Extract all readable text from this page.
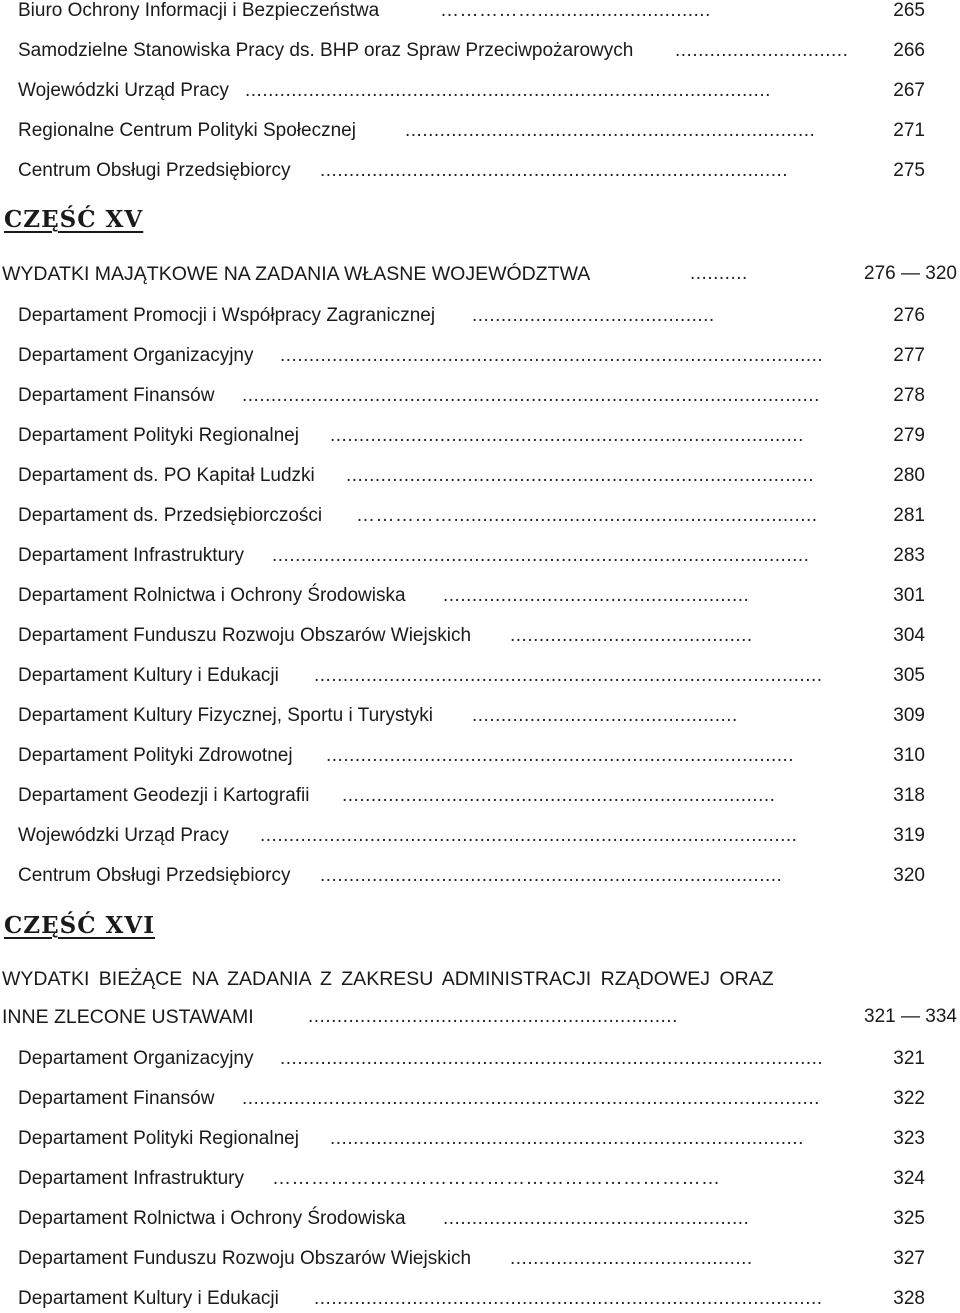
Biuro Ochrony Informacji i Bezpieczeństwa	……………..............................	265
Samodzielne Stanowiska Pracy ds. BHP oraz Spraw Przeciwpożarowych .............................. 266
Wojewódzki Urząd Pracy ...........................................................................................	267
Regionalne Centrum Polityki Społecznej	.......................................................................	271
Centrum Obsługi Przedsiębiorcy .................................................................................	275
CZĘŚĆ XV
WYDATKI MAJĄTKOWE NA ZADANIA WŁASNE WOJEWÓDZTWA	..........	276 — 320
Departament Promocji i Współpracy Zagranicznej ..........................................	276
Departament Organizacyjny ..............................................................................................	277
Departament Finansów ....................................................................................................	278
Departament Polityki Regionalnej ..................................................................................	279
Departament ds. PO Kapitał Ludzki .................................................................................	280
Departament ds. Przedsiębiorczości ……………...............................................................	281
Departament Infrastruktury .............................................................................................	283
Departament Rolnictwa i Ochrony Środowiska .....................................................	301
Departament Funduszu Rozwoju Obszarów Wiejskich ..........................................	304
Departament Kultury i Edukacji ........................................................................................	305
Departament Kultury Fizycznej, Sportu i Turystyki ..............................................	309
Departament Polityki Zdrowotnej .................................................................................	310
Departament Geodezji i Kartografii ...........................................................................	318
Wojewódzki Urząd Pracy .............................................................................................	319
Centrum Obsługi Przedsiębiorcy ................................................................................	320
CZĘŚĆ XVI
WYDATKI BIEŻĄCE NA ZADANIA Z ZAKRESU ADMINISTRACJI RZĄDOWEJ ORAZ
INNE ZLECONE USTAWAMI	................................................................	321 — 334
Departament Organizacyjny ..............................................................................................	321
Departament Finansów ....................................................................................................	322
Departament Polityki Regionalnej ..................................................................................	323
Departament Infrastruktury ……………………………………………………………	324
Departament Rolnictwa i Ochrony Środowiska .....................................................	325
Departament Funduszu Rozwoju Obszarów Wiejskich ..........................................	327
Departament Kultury i Edukacji ........................................................................................	328
